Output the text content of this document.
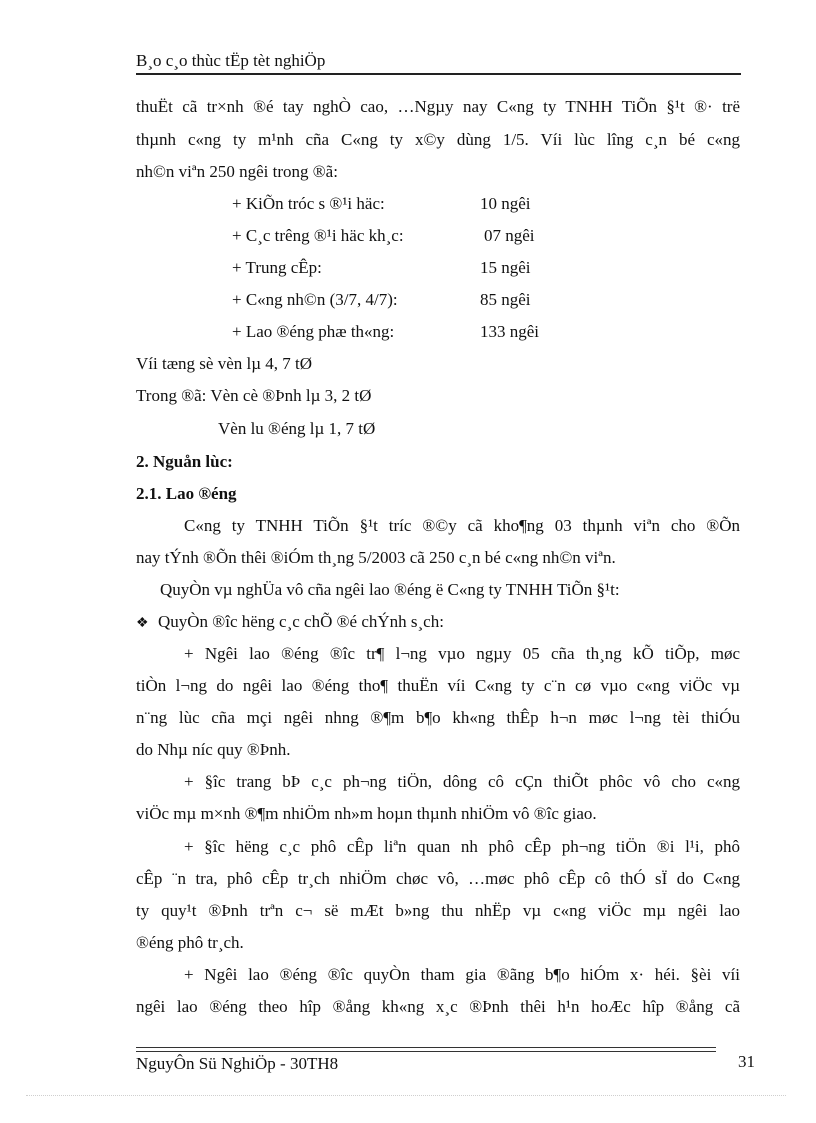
B¸o c¸o thùc tËp tèt nghiÖp
thuËt cã tr×nh ®é tay nghÒ cao, …Ngµy nay C«ng ty TNHH TiÕn §¹t ®· trë
thµnh c«ng ty m¹nh cña C«ng ty x©y dùng 1/5. Víi lùc lîng c¸n bé c«ng
nh©n viªn 250 ngêi trong ®ã:
+ KiÕn tróc s ®¹i häc:	10 ngêi
+ C¸c trêng ®¹i häc kh¸c:	07 ngêi
+ Trung cÊp:	15 ngêi
+ C«ng nh©n (3/7, 4/7):	85 ngêi
+ Lao ®éng phæ th«ng:	133 ngêi
Víi tæng sè vèn lµ 4, 7 tØ
Trong ®ã: Vèn cè ®Þnh lµ 3, 2 tØ
Vèn lu ®éng lµ 1, 7 tØ
2. Nguån lùc:
2.1. Lao ®éng
C«ng ty TNHH TiÕn §¹t tríc ®©y cã kho¶ng 03 thµnh viªn cho ®Õn
nay tÝnh ®Õn thêi ®iÓm th¸ng 5/2003 cã 250 c¸n bé c«ng nh©n viªn.
QuyÒn vµ nghÜa vô cña ngêi lao ®éng ë C«ng ty TNHH TiÕn §¹t:
❖ QuyÒn ®îc hëng c¸c chÕ ®é chÝnh s¸ch:
+ Ngêi lao ®éng ®îc tr¶ l¬ng vµo ngµy 05 cña th¸ng kÕ tiÕp, møc
tiÒn l¬ng do ngêi lao ®éng tho¶ thuËn víi C«ng ty c¨n cø vµo c«ng viÖc vµ
n¨ng lùc cña mçi ngêi nhng ®¶m b¶o kh«ng thÊp h¬n møc l¬ng tèi thiÓu
do Nhµ níc quy ®Þnh.
+ §îc trang bÞ c¸c ph¬ng tiÖn, dông cô cÇn thiÕt phôc vô cho c«ng
viÖc mµ m×nh ®¶m nhiÖm nh»m hoµn thµnh nhiÖm vô ®îc giao.
+ §îc hëng c¸c phô cÊp liªn quan nh phô cÊp ph¬ng tiÖn ®i l¹i, phô
cÊp ¨n tra, phô cÊp tr¸ch nhiÖm chøc vô, …møc phô cÊp cô thÓ sÏ do C«ng
ty quy¹t ®Þnh trªn c¬ së mÆt b»ng thu nhËp vµ c«ng viÖc mµ ngêi lao
®éng phô tr¸ch.
+ Ngêi lao ®éng ®îc quyÒn tham gia ®ãng b¶o hiÓm x· héi. §èi víi
ngêi lao ®éng theo hîp ®ång kh«ng x¸c ®Þnh thêi h¹n hoÆc hîp ®ång cã
NguyÔn Sü NghiÖp - 30TH8	31
